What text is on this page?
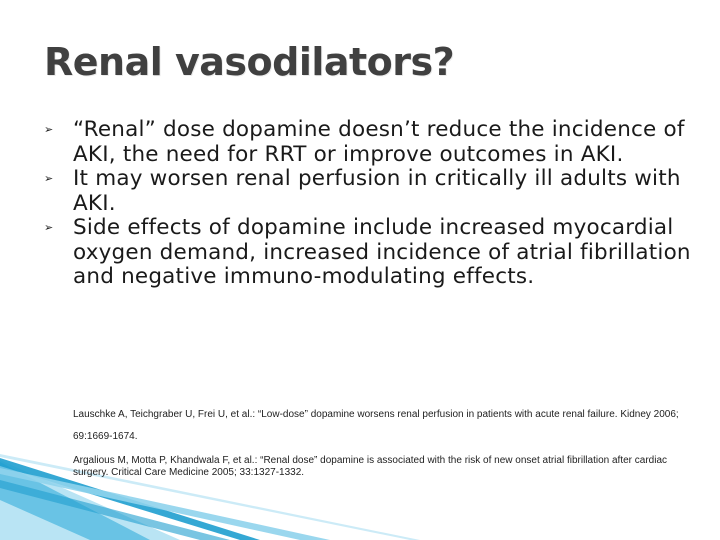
Renal vasodilators?
➢ “Renal” dose dopamine doesn’t reduce the incidence of AKI, the need for RRT or improve outcomes in AKI.
➢ It may worsen renal perfusion in critically ill adults with AKI.
➢ Side effects of dopamine include increased myocardial oxygen demand, increased incidence of atrial fibrillation and negative immuno-modulating effects.

Lauschke A, Teichgraber U, Frei U, et al.: “Low-dose” dopamine worsens renal perfusion in patients with acute renal failure. Kidney 2006; 69:1669-1674.

Argalious M, Motta P, Khandwala F, et al.: “Renal dose” dopamine is associated with the risk of new onset atrial fibrillation after cardiac surgery. Critical Care Medicine 2005; 33:1327-1332.
